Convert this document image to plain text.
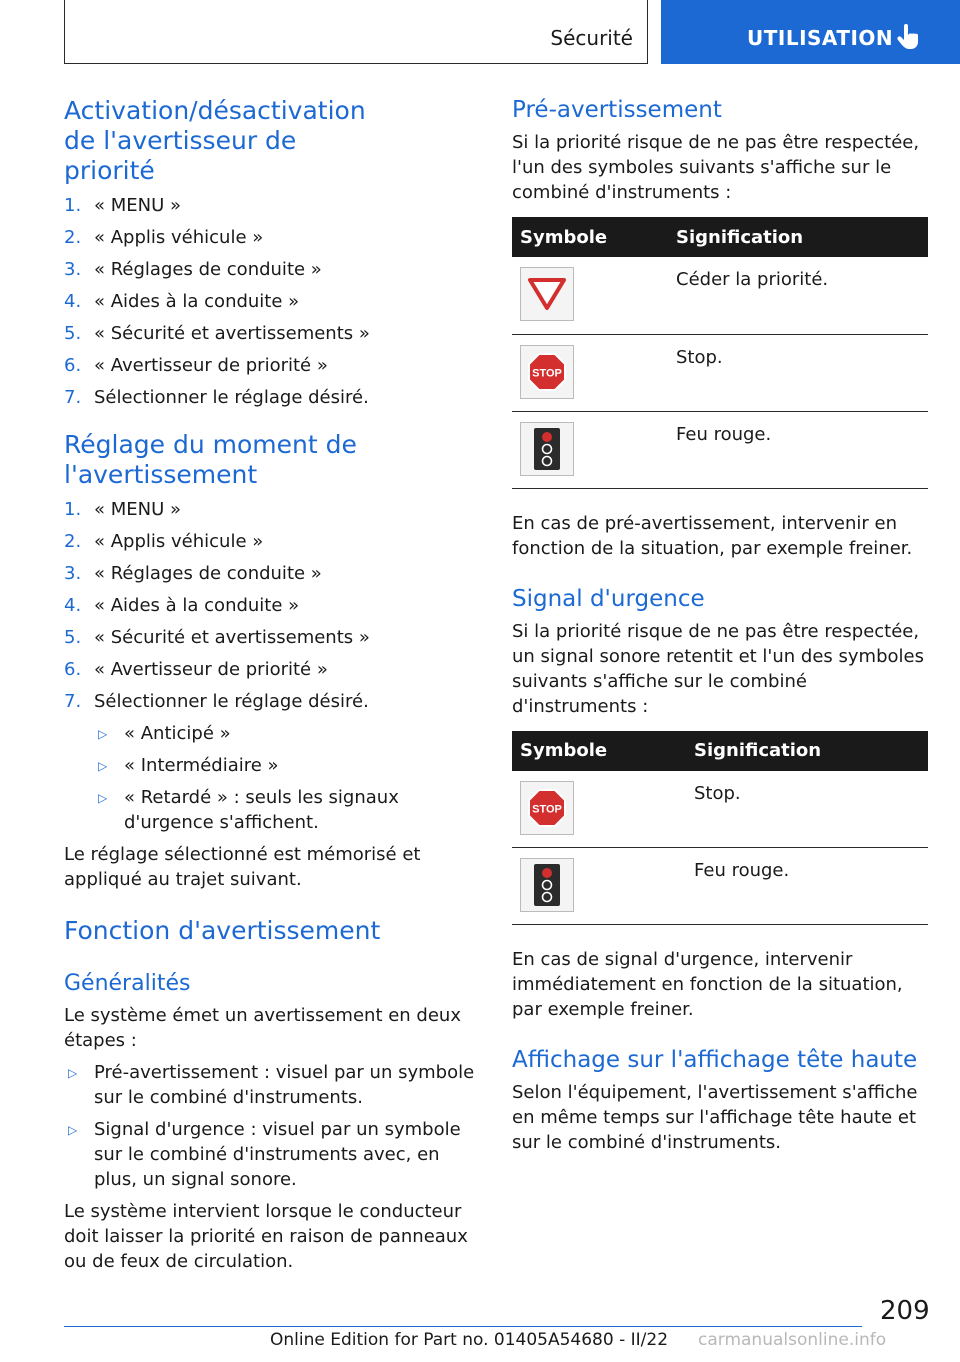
Sécurité	UTILISATION
Activation/désactivation de l'avertisseur de priorité
1. « MENU »
2. « Applis véhicule »
3. « Réglages de conduite »
4. « Aides à la conduite »
5. « Sécurité et avertissements »
6. « Avertisseur de priorité »
7. Sélectionner le réglage désiré.
Réglage du moment de l'avertissement
1. « MENU »
2. « Applis véhicule »
3. « Réglages de conduite »
4. « Aides à la conduite »
5. « Sécurité et avertissements »
6. « Avertisseur de priorité »
7. Sélectionner le réglage désiré.
▷ « Anticipé »
▷ « Intermédiaire »
▷ « Retardé » : seuls les signaux d'urgence s'affichent.

Le réglage sélectionné est mémorisé et appliqué au trajet suivant.

Fonction d'avertissement
Généralités

Le système émet un avertissement en deux étapes :

▷ Pré-avertissement : visuel par un symbole sur le combiné d'instruments.
▷ Signal d'urgence : visuel par un symbole sur le combiné d'instruments avec, en plus, un signal sonore.

Le système intervient lorsque le conducteur doit laisser la priorité en raison de panneaux ou de feux de circulation.

Pré-avertissement

Si la priorité risque de ne pas être respectée, l'un des symboles suivants s'affiche sur le combiné d'instruments :

Symbole	Signification

	Céder la priorité.

STOP	Stop.

	Feu rouge.

En cas de pré-avertissement, intervenir en fonction de la situation, par exemple freiner.

Signal d'urgence

Si la priorité risque de ne pas être respectée, un signal sonore retentit et l'un des symboles suivants s'affiche sur le combiné d'instruments :

Symbole	Signification

STOP	Stop.

	Feu rouge.

En cas de signal d'urgence, intervenir immédiatement en fonction de la situation, par exemple freiner.

Affichage sur l'affichage tête haute

Selon l'équipement, l'avertissement s'affiche en même temps sur l'affichage tête haute et sur le combiné d'instruments.

209
Online Edition for Part no. 01405A54680 - II/22 carmanualsonline.info
